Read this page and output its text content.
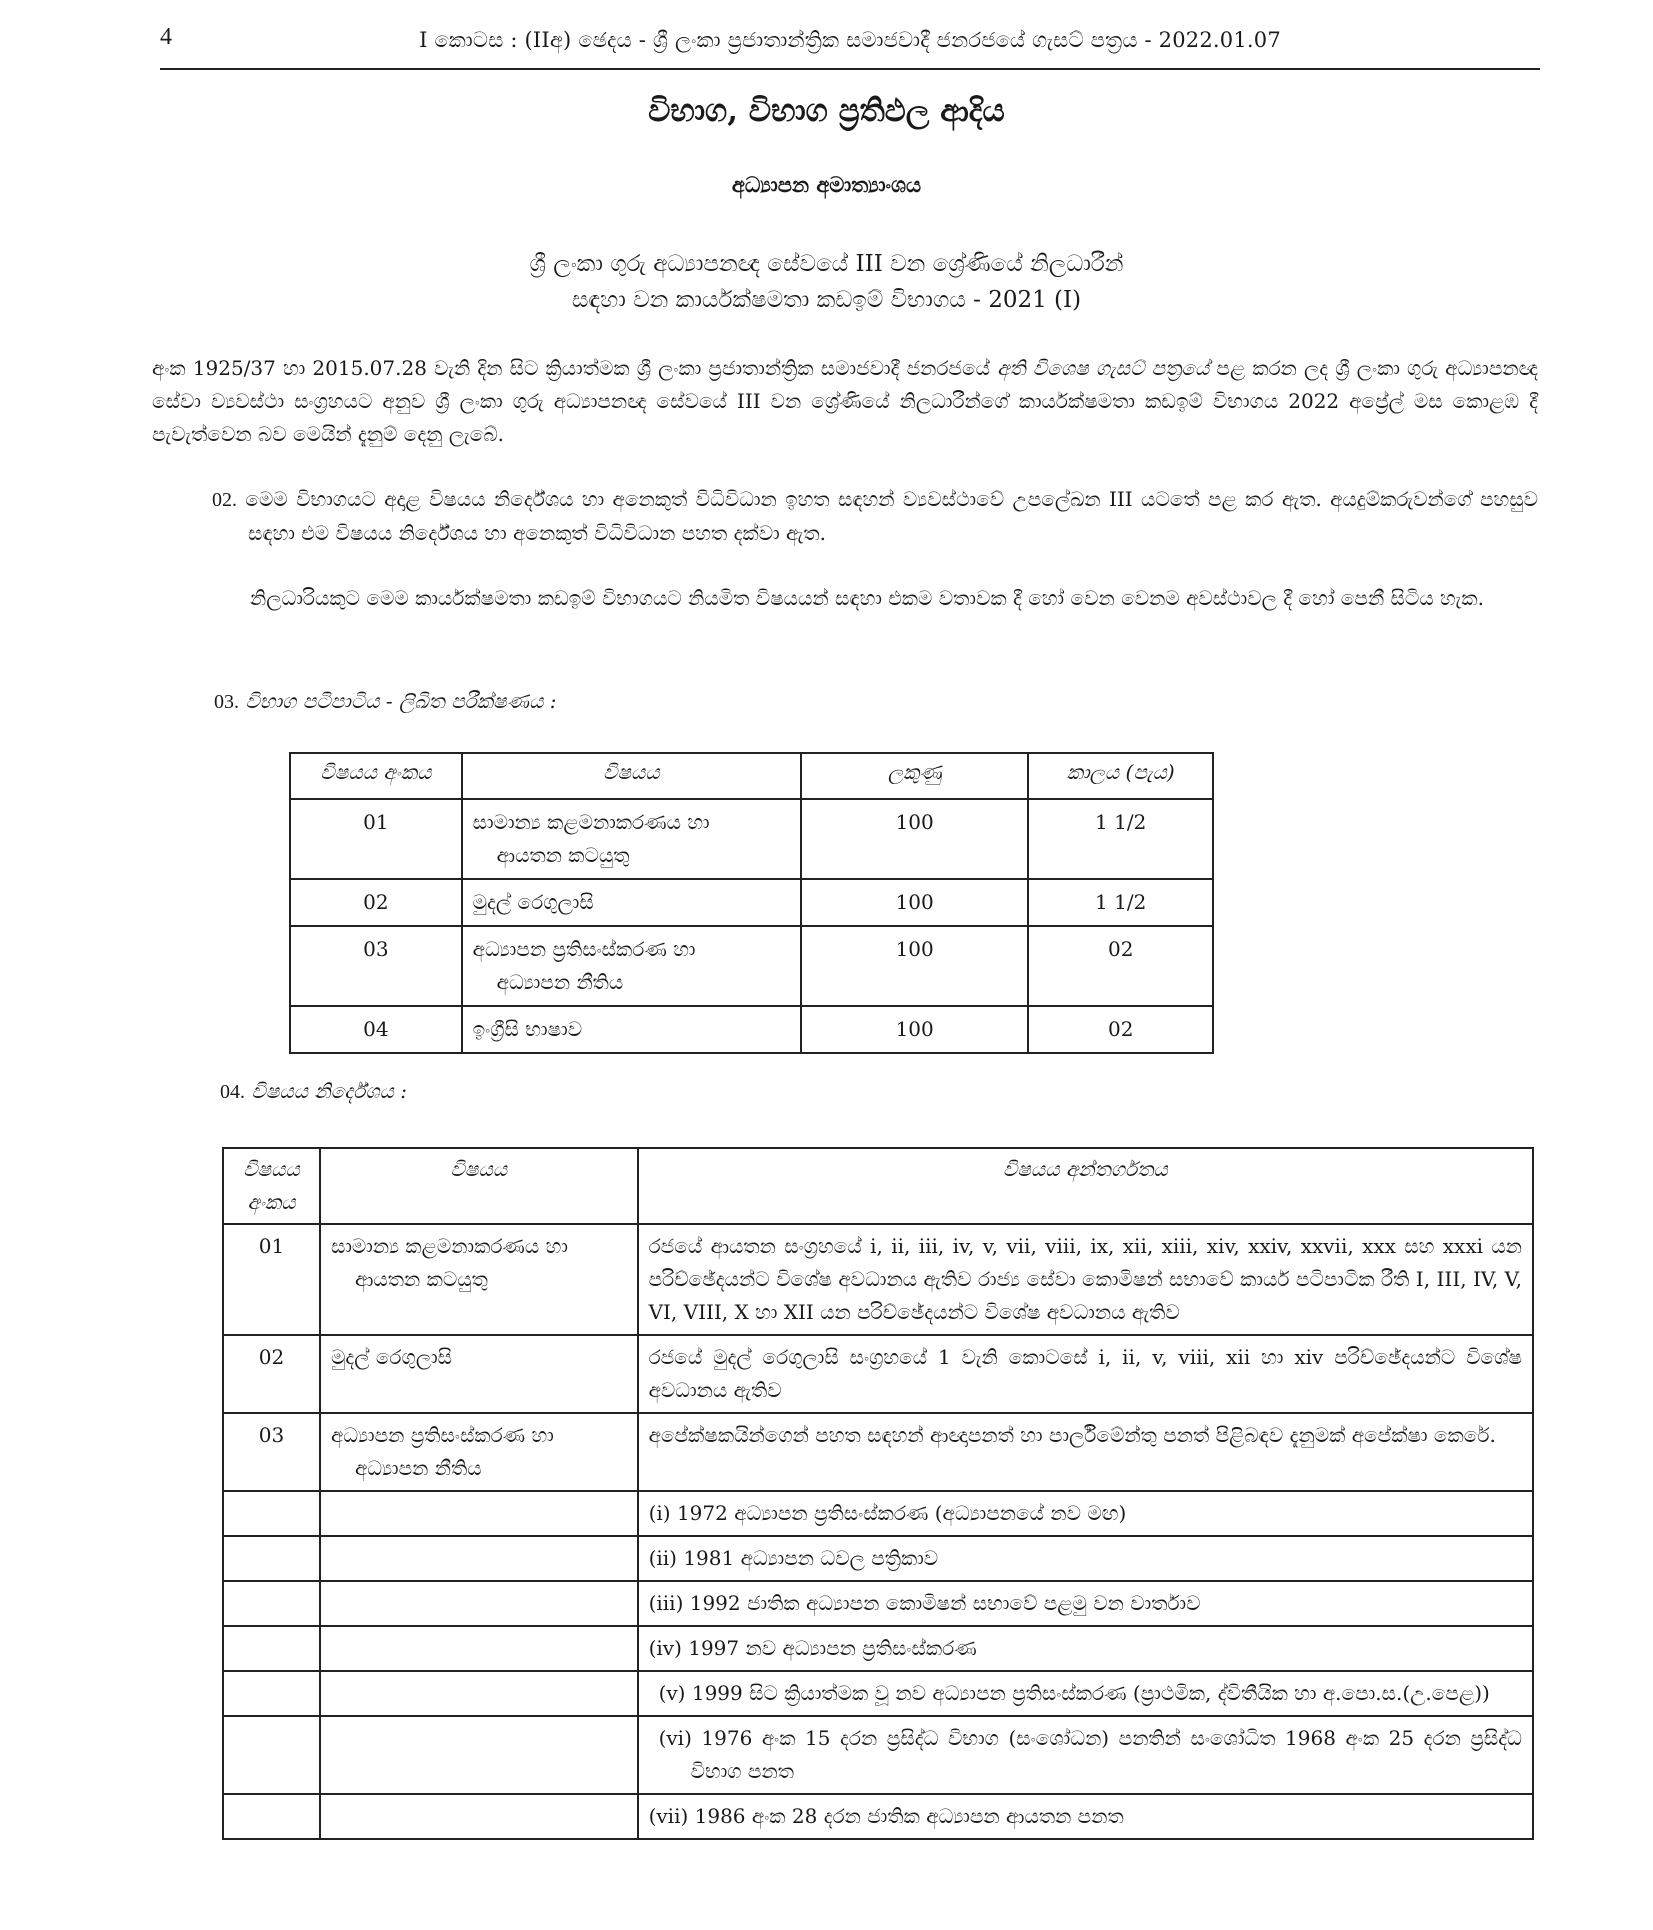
4	I කොටස : (IIඅ) ඡෙදය - ශ්‍රී ලංකා ප්‍රජාතාන්ත්‍රික සමාජවාදී ජනරජයේ ගැසට් පත්‍රය - 2022.01.07
විභාග, විභාග ප්‍රතිඵල ආදිය
අධ්‍යාපන අමාත්‍යාංශය
ශ්‍රී ලංකා ගුරු අධ්‍යාපනඥ සේවයේ III වන ශ්‍රේණියේ නිලධාරීන්
සඳහා වන කාර්යක්ෂමතා කඩඉම් විභාගය - 2021 (I)
අංක 1925/37 හා 2015.07.28 වැනි දින සිට ක්‍රියාත්මක ශ්‍රී ලංකා ප්‍රජාතාන්ත්‍රික සමාජවාදී ජනරජයේ අති විශෙෂ ගැසට් පත්‍රයේ පළ කරන ලද ශ්‍රී ලංකා ගුරු අධ්‍යාපනඥ සේවා ව්‍යවස්ථා සංග්‍රහයට අනුව ශ්‍රී ලංකා ගුරු අධ්‍යාපනඥ සේවයේ III වන ශ්‍රේණියේ නිලධාරීන්ගේ කාර්යක්ෂමතා කඩඉම් විභාගය 2022 අප්‍රේල් මස කොළඹ දී පැවැත්වෙන බව මෙයින් දැනුම් දෙනු ලැබේ.
02. මෙම විභාගයට අදාළ විෂයය නිර්දේශය හා අනෙකුත් විධිවිධාන ඉහත සඳහන් ව්‍යවස්ථාවේ උපලේඛන III යටතේ පළ කර ඇත. අයදුම්කරුවන්ගේ පහසුව සඳහා එම විෂයය නිර්දේශය හා අනෙකුත් විධිවිධාන පහත දක්වා ඇත.
නිලධාරියකුට මෙම කාර්යක්ෂමතා කඩඉම් විභාගයට නියමිත විෂයයන් සඳහා එකම වතාවක දී හෝ වෙන වෙනම අවස්ථාවල දී හෝ පෙනී සිටිය හැක.
03. විභාග පටිපාටිය - ලිඛිත පරීක්ෂණය :
විෂයය අංකය	විෂයය	ලකුණු	කාලය (පැය)
01	සාමාන්‍ය කළමනාකරණය හා
ආයතන කටයුතු	100	1 1/2
02	මුදල් රෙගුලාසි	100	1 1/2
03	අධ්‍යාපන ප්‍රතිසංස්කරණ හා
අධ්‍යාපන නීතිය	100	02
04	ඉංග්‍රීසි භාෂාව	100	02
04. විෂයය නිර්දේශය :
විෂයය
අංකය	විෂයය	විෂයය අන්තර්ගතය
01	සාමාන්‍ය කළමනාකරණය හා
ආයතන කටයුතු	රජයේ ආයතන සංග්‍රහයේ i, ii, iii, iv, v, vii, viii, ix, xii, xiii, xiv, xxiv, xxvii, xxx සහ xxxi යන පරිච්ඡේදයන්ට විශේෂ අවධානය ඇතිව රාජ්‍ය සේවා කොමිෂන් සභාවේ කාර්ය පටිපාටික රීති I, III, IV, V, VI, VIII, X හා XII යන පරිච්ඡේදයන්ට විශේෂ අවධානය ඇතිව
02	මුදල් රෙගුලාසි	රජයේ මුදල් රෙගුලාසි සංග්‍රහයේ 1 වැනි කොටසේ i, ii, v, viii, xii හා xiv පරිච්ඡේදයන්ට විශේෂ අවධානය ඇතිව
03	අධ්‍යාපන ප්‍රතිසංස්කරණ හා
අධ්‍යාපන නීතිය	අපේක්ෂකයින්ගෙන් පහත සඳහන් ආඥාපනත් හා පාර්ලිමේන්තු පනත් පිළිබඳව දැනුමක් අපේක්ෂා කෙරේ.
		(i) 1972 අධ්‍යාපන ප්‍රතිසංස්කරණ (අධ්‍යාපනයේ නව මඟ)
		(ii) 1981 අධ්‍යාපන ධවල පත්‍රිකාව
		(iii) 1992 ජාතික අධ්‍යාපන කොමිෂන් සභාවේ පළමු වන වාර්තාව
		(iv) 1997 නව අධ්‍යාපන ප්‍රතිසංස්කරණ

		(v) 1999 සිට ක්‍රියාත්මක වූ නව අධ්‍යාපන ප්‍රතිසංස්කරණ (ප්‍රාථමික, ද්විතීයික හා අ.පො.ස.(උ.පෙළ))

		(vi) 1976 අංක 15 දරන ප්‍රසිද්ධ විභාග (සංශෝධන) පනතින් සංශෝධිත 1968 අංක 25 දරන ප්‍රසිද්ධ විභාග පනත

		(vii) 1986 අංක 28 දරන ජාතික අධ්‍යාපන ආයතන පනත
